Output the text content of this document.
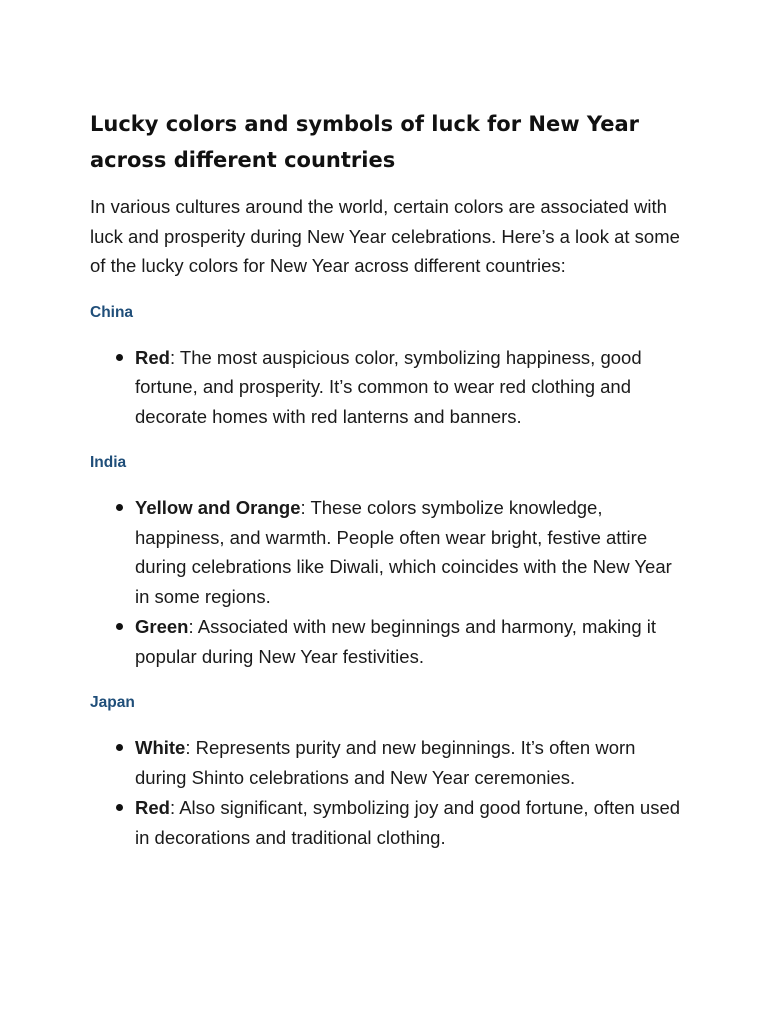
Lucky colors and symbols of luck for New Year across different countries

In various cultures around the world, certain colors are associated with luck and prosperity during New Year celebrations. Here’s a look at some of the lucky colors for New Year across different countries:

China
Red: The most auspicious color, symbolizing happiness, good fortune, and prosperity. It’s common to wear red clothing and decorate homes with red lanterns and banners.
India
Yellow and Orange: These colors symbolize knowledge, happiness, and warmth. People often wear bright, festive attire during celebrations like Diwali, which coincides with the New Year in some regions.
Green: Associated with new beginnings and harmony, making it popular during New Year festivities.
Japan
White: Represents purity and new beginnings. It’s often worn during Shinto celebrations and New Year ceremonies.
Red: Also significant, symbolizing joy and good fortune, often used in decorations and traditional clothing.
